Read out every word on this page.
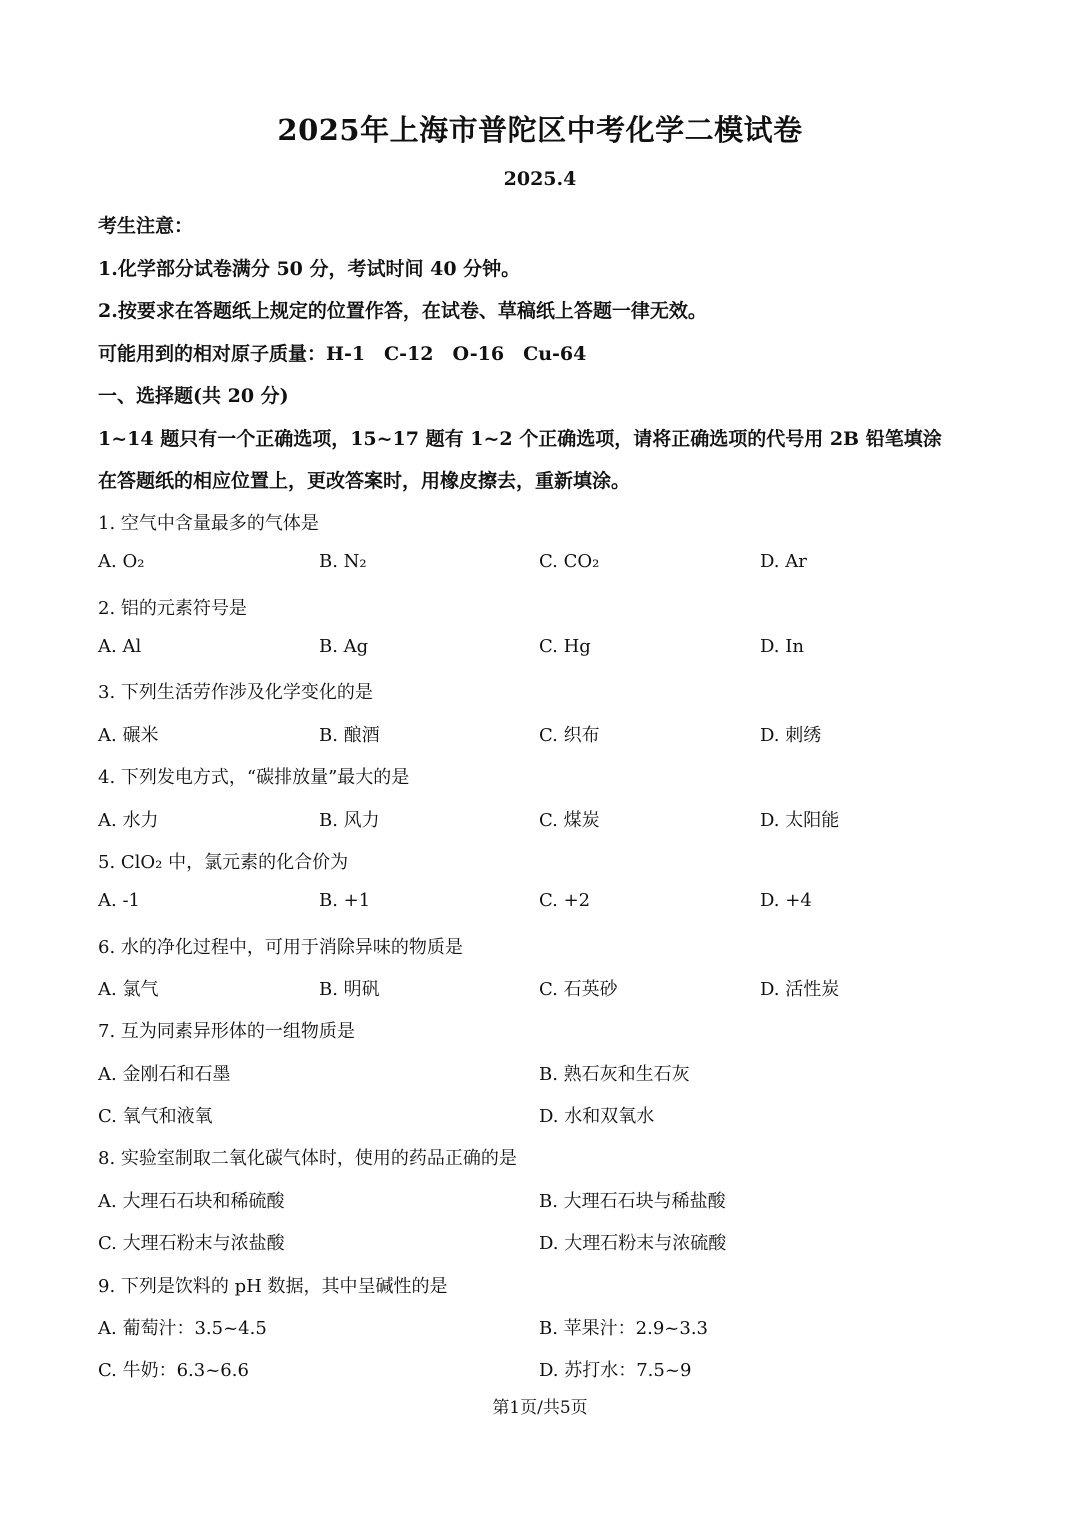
2025年上海市普陀区中考化学二模试卷
2025.4
考生注意：
1.化学部分试卷满分 50 分，考试时间 40 分钟。
2.按要求在答题纸上规定的位置作答，在试卷、草稿纸上答题一律无效。
可能用到的相对原子质量：H-1　C-12　O-16　Cu-64
一、选择题(共 20 分)
1~14 题只有一个正确选项，15~17 题有 1~2 个正确选项，请将正确选项的代号用 2B 铅笔填涂
在答题纸的相应位置上，更改答案时，用橡皮擦去，重新填涂。
1. 空气中含量最多的气体是
A. O₂	B. N₂	C. CO₂	D. Ar
2. 铝的元素符号是
A. Al	B. Ag	C. Hg	D. In
3. 下列生活劳作涉及化学变化的是
A. 碾米	B. 酿酒	C. 织布	D. 刺绣
4. 下列发电方式，“碳排放量”最大的是
A. 水力	B. 风力	C. 煤炭	D. 太阳能
5. ClO₂ 中，氯元素的化合价为
A. -1	B. +1	C. +2	D. +4
6. 水的净化过程中，可用于消除异味的物质是
A. 氯气	B. 明矾	C. 石英砂	D. 活性炭
7. 互为同素异形体的一组物质是
A. 金刚石和石墨	B. 熟石灰和生石灰
C. 氧气和液氧	D. 水和双氧水
8. 实验室制取二氧化碳气体时，使用的药品正确的是
A. 大理石石块和稀硫酸	B. 大理石石块与稀盐酸
C. 大理石粉末与浓盐酸	D. 大理石粉末与浓硫酸
9. 下列是饮料的 pH 数据，其中呈碱性的是
A. 葡萄汁：3.5~4.5	B. 苹果汁：2.9~3.3
C. 牛奶：6.3~6.6	D. 苏打水：7.5~9
第1页/共5页
